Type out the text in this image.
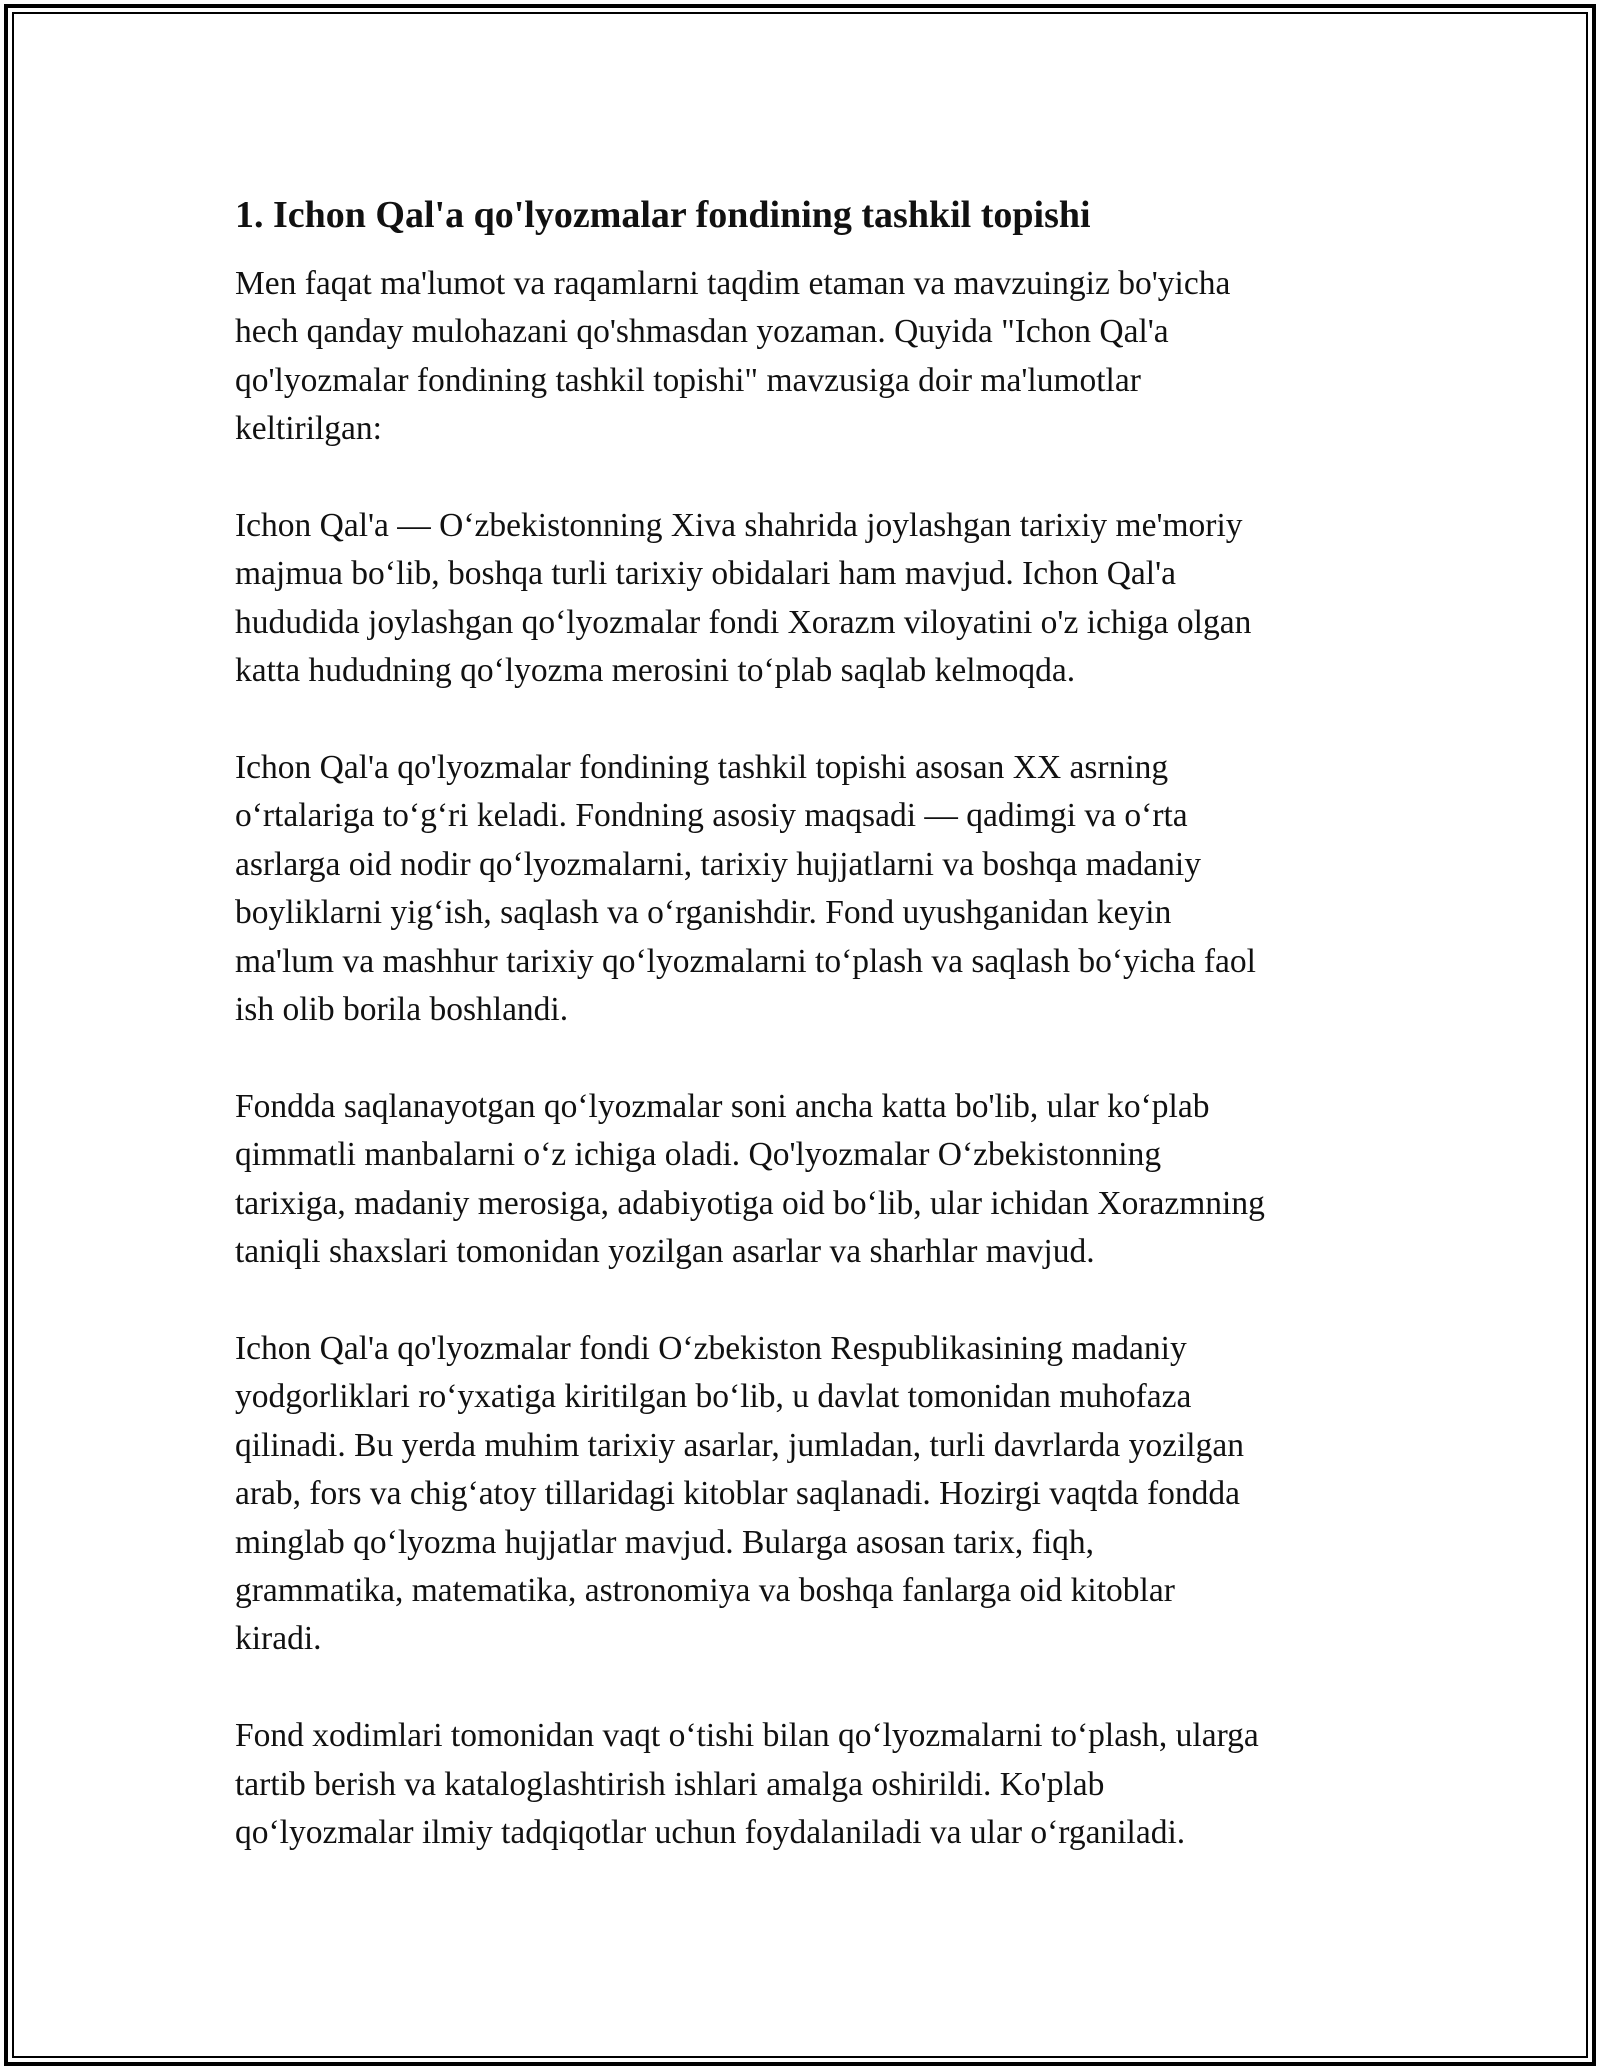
1. Ichon Qal'a qo'lyozmalar fondining tashkil topishi

Men faqat ma'lumot va raqamlarni taqdim etaman va mavzuingiz bo'yicha
hech qanday mulohazani qo'shmasdan yozaman. Quyida "Ichon Qal'a
qo'lyozmalar fondining tashkil topishi" mavzusiga doir ma'lumotlar
keltirilgan:

Ichon Qal'a — O‘zbekistonning Xiva shahrida joylashgan tarixiy me'moriy
majmua bo‘lib, boshqa turli tarixiy obidalari ham mavjud. Ichon Qal'a
hududida joylashgan qo‘lyozmalar fondi Xorazm viloyatini o'z ichiga olgan
katta hududning qo‘lyozma merosini to‘plab saqlab kelmoqda.

Ichon Qal'a qo'lyozmalar fondining tashkil topishi asosan XX asrning
o‘rtalariga to‘g‘ri keladi. Fondning asosiy maqsadi — qadimgi va o‘rta
asrlarga oid nodir qo‘lyozmalarni, tarixiy hujjatlarni va boshqa madaniy
boyliklarni yig‘ish, saqlash va o‘rganishdir. Fond uyushganidan keyin
ma'lum va mashhur tarixiy qo‘lyozmalarni to‘plash va saqlash bo‘yicha faol
ish olib borila boshlandi.

Fondda saqlanayotgan qo‘lyozmalar soni ancha katta bo'lib, ular ko‘plab
qimmatli manbalarni o‘z ichiga oladi. Qo'lyozmalar O‘zbekistonning
tarixiga, madaniy merosiga, adabiyotiga oid bo‘lib, ular ichidan Xorazmning
taniqli shaxslari tomonidan yozilgan asarlar va sharhlar mavjud.

Ichon Qal'a qo'lyozmalar fondi O‘zbekiston Respublikasining madaniy
yodgorliklari ro‘yxatiga kiritilgan bo‘lib, u davlat tomonidan muhofaza
qilinadi. Bu yerda muhim tarixiy asarlar, jumladan, turli davrlarda yozilgan
arab, fors va chig‘atoy tillaridagi kitoblar saqlanadi. Hozirgi vaqtda fondda
minglab qo‘lyozma hujjatlar mavjud. Bularga asosan tarix, fiqh,
grammatika, matematika, astronomiya va boshqa fanlarga oid kitoblar
kiradi.

Fond xodimlari tomonidan vaqt o‘tishi bilan qo‘lyozmalarni to‘plash, ularga
tartib berish va kataloglashtirish ishlari amalga oshirildi. Ko'plab
qo‘lyozmalar ilmiy tadqiqotlar uchun foydalaniladi va ular o‘rganiladi.
